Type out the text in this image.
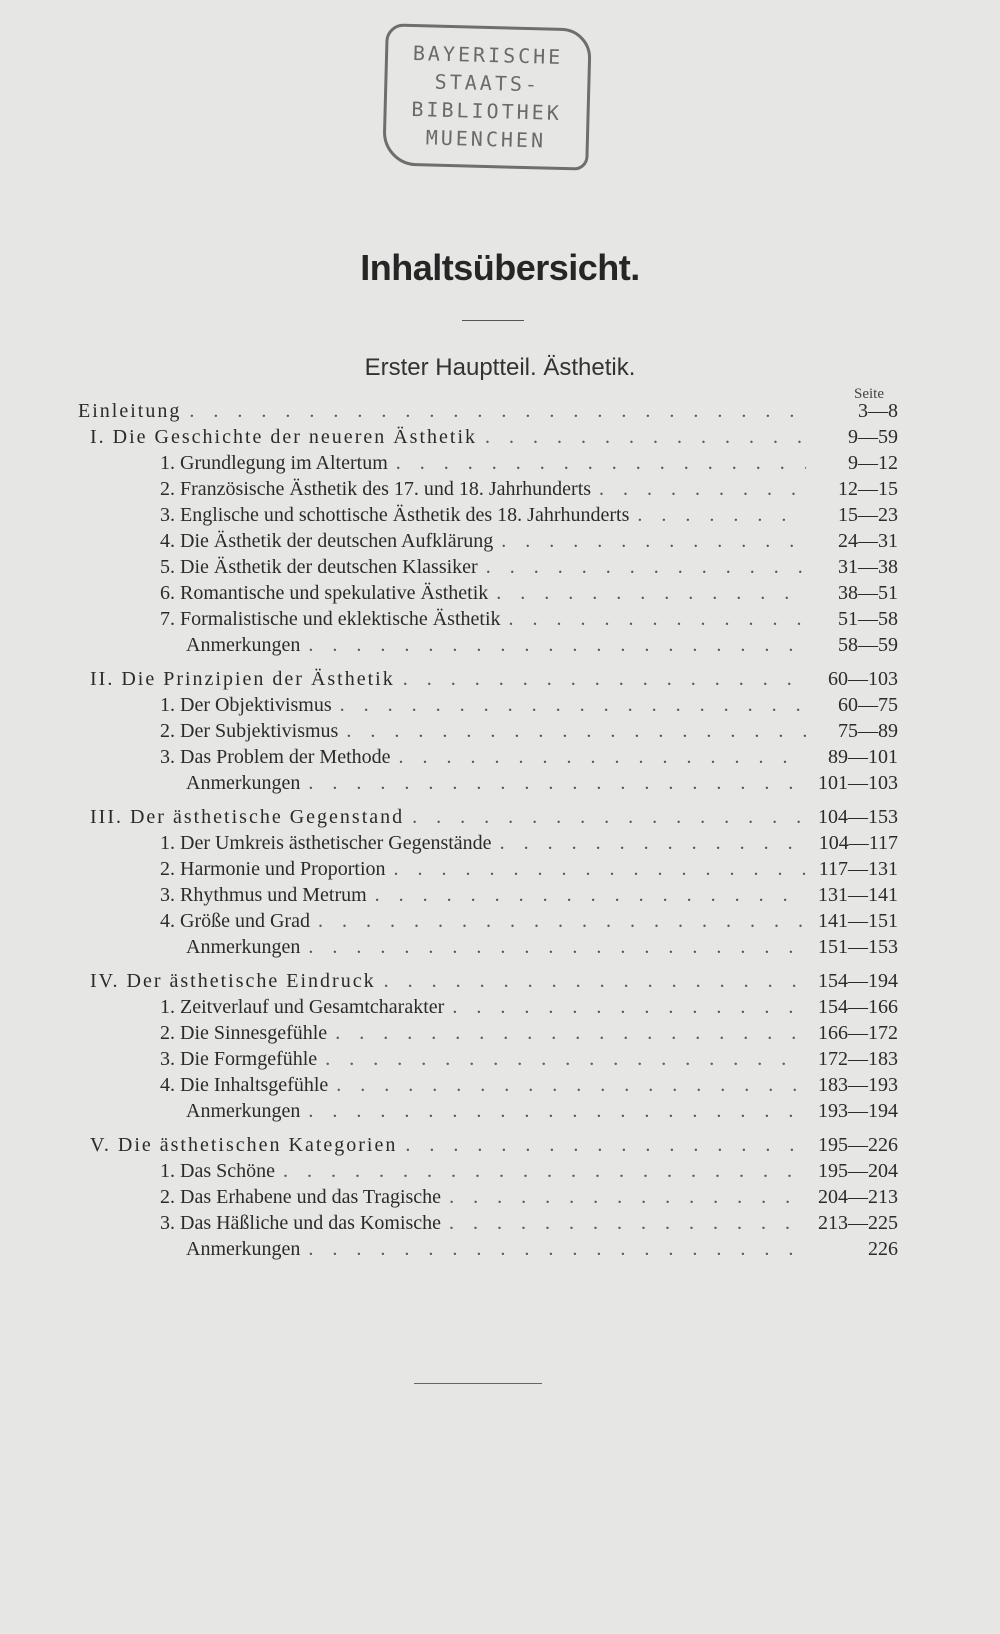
BAYERISCHE
STAATS-
BIBLIOTHEK
MUENCHEN
Inhaltsübersicht.
Erster Hauptteil. Ästhetik.
Seite
Einleitung . . .	3—8
I. Die Geschichte der neueren Ästhetik . . .	9—59
1. Grundlegung im Altertum . . .	9—12
2. Französische Ästhetik des 17. und 18. Jahrhunderts . . .	12—15
3. Englische und schottische Ästhetik des 18. Jahrhunderts . . .	15—23
4. Die Ästhetik der deutschen Aufklärung . . .	24—31
5. Die Ästhetik der deutschen Klassiker . . .	31—38
6. Romantische und spekulative Ästhetik . . .	38—51
7. Formalistische und eklektische Ästhetik . . .	51—58
Anmerkungen . . .	58—59
II. Die Prinzipien der Ästhetik . . .	60—103
1. Der Objektivismus . . .	60—75
2. Der Subjektivismus . . .	75—89
3. Das Problem der Methode . . .	89—101
Anmerkungen . . .	101—103
III. Der ästhetische Gegenstand . . .	104—153
1. Der Umkreis ästhetischer Gegenstände . . .	104—117
2. Harmonie und Proportion . . .	117—131
3. Rhythmus und Metrum . . .	131—141
4. Größe und Grad . . .	141—151
Anmerkungen . . .	151—153
IV. Der ästhetische Eindruck . . .	154—194
1. Zeitverlauf und Gesamtcharakter . . .	154—166
2. Die Sinnesgefühle . . .	166—172
3. Die Formgefühle . . .	172—183
4. Die Inhaltsgefühle . . .	183—193
Anmerkungen . . .	193—194
V. Die ästhetischen Kategorien . . .	195—226
1. Das Schöne . . .	195—204
2. Das Erhabene und das Tragische . . .	204—213
3. Das Häßliche und das Komische . . .	213—225
Anmerkungen . . .	226
